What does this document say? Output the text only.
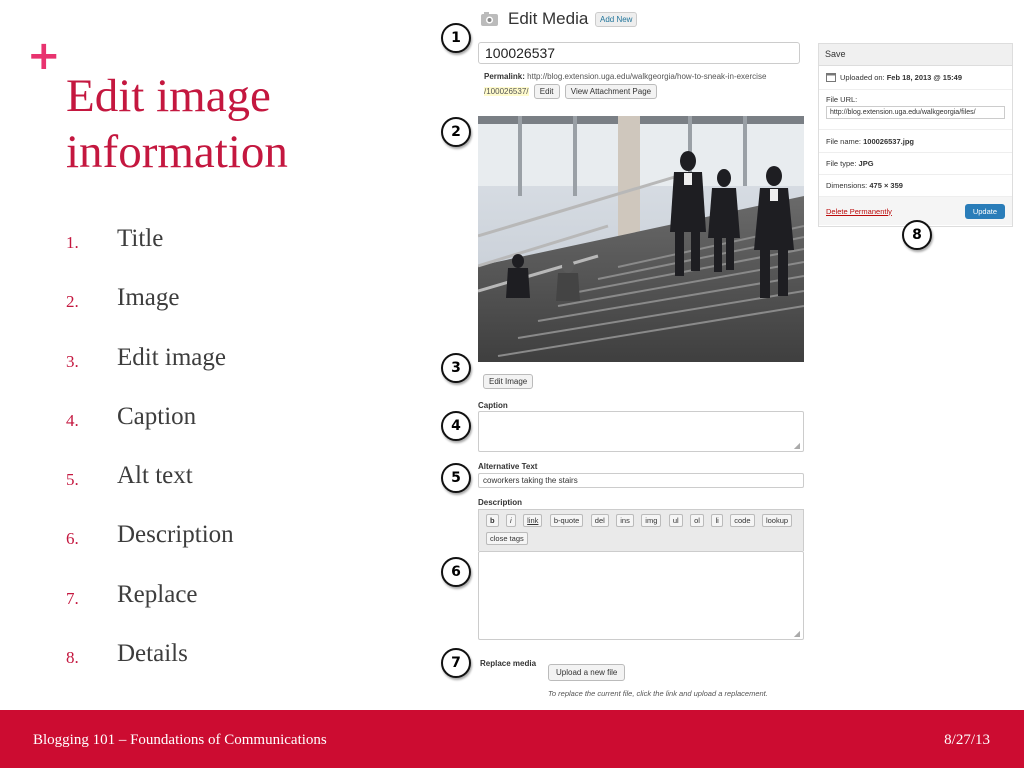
+
Edit image information
1.	Title
2.	Image
3.	Edit image
4.	Caption
5.	Alt text
6.	Description
7.	Replace
8.	Details
Edit Media	Add New
100026537
Permalink: http://blog.extension.uga.edu/walkgeorgia/how-to-sneak-in-exercise
/100026537/ Edit View Attachment Page
Edit Image
Caption
◢
Alternative Text
coworkers taking the stairs
Description
b i link b-quote del ins img ul ol li code lookup
close tags
◢
Replace media
Upload a new file
To replace the current file, click the link and upload a replacement.
Save
Uploaded on:
Feb 18, 2013 @ 15:49
File URL:
http://blog.extension.uga.edu/walkgeorgia/files/
File name:
100026537.jpg
File type:
JPG
Dimensions:
475 × 359
Delete Permanently	Update
1
2
3
4
5
6
7
8
Blogging 101 – Foundations of Communications	8/27/13
